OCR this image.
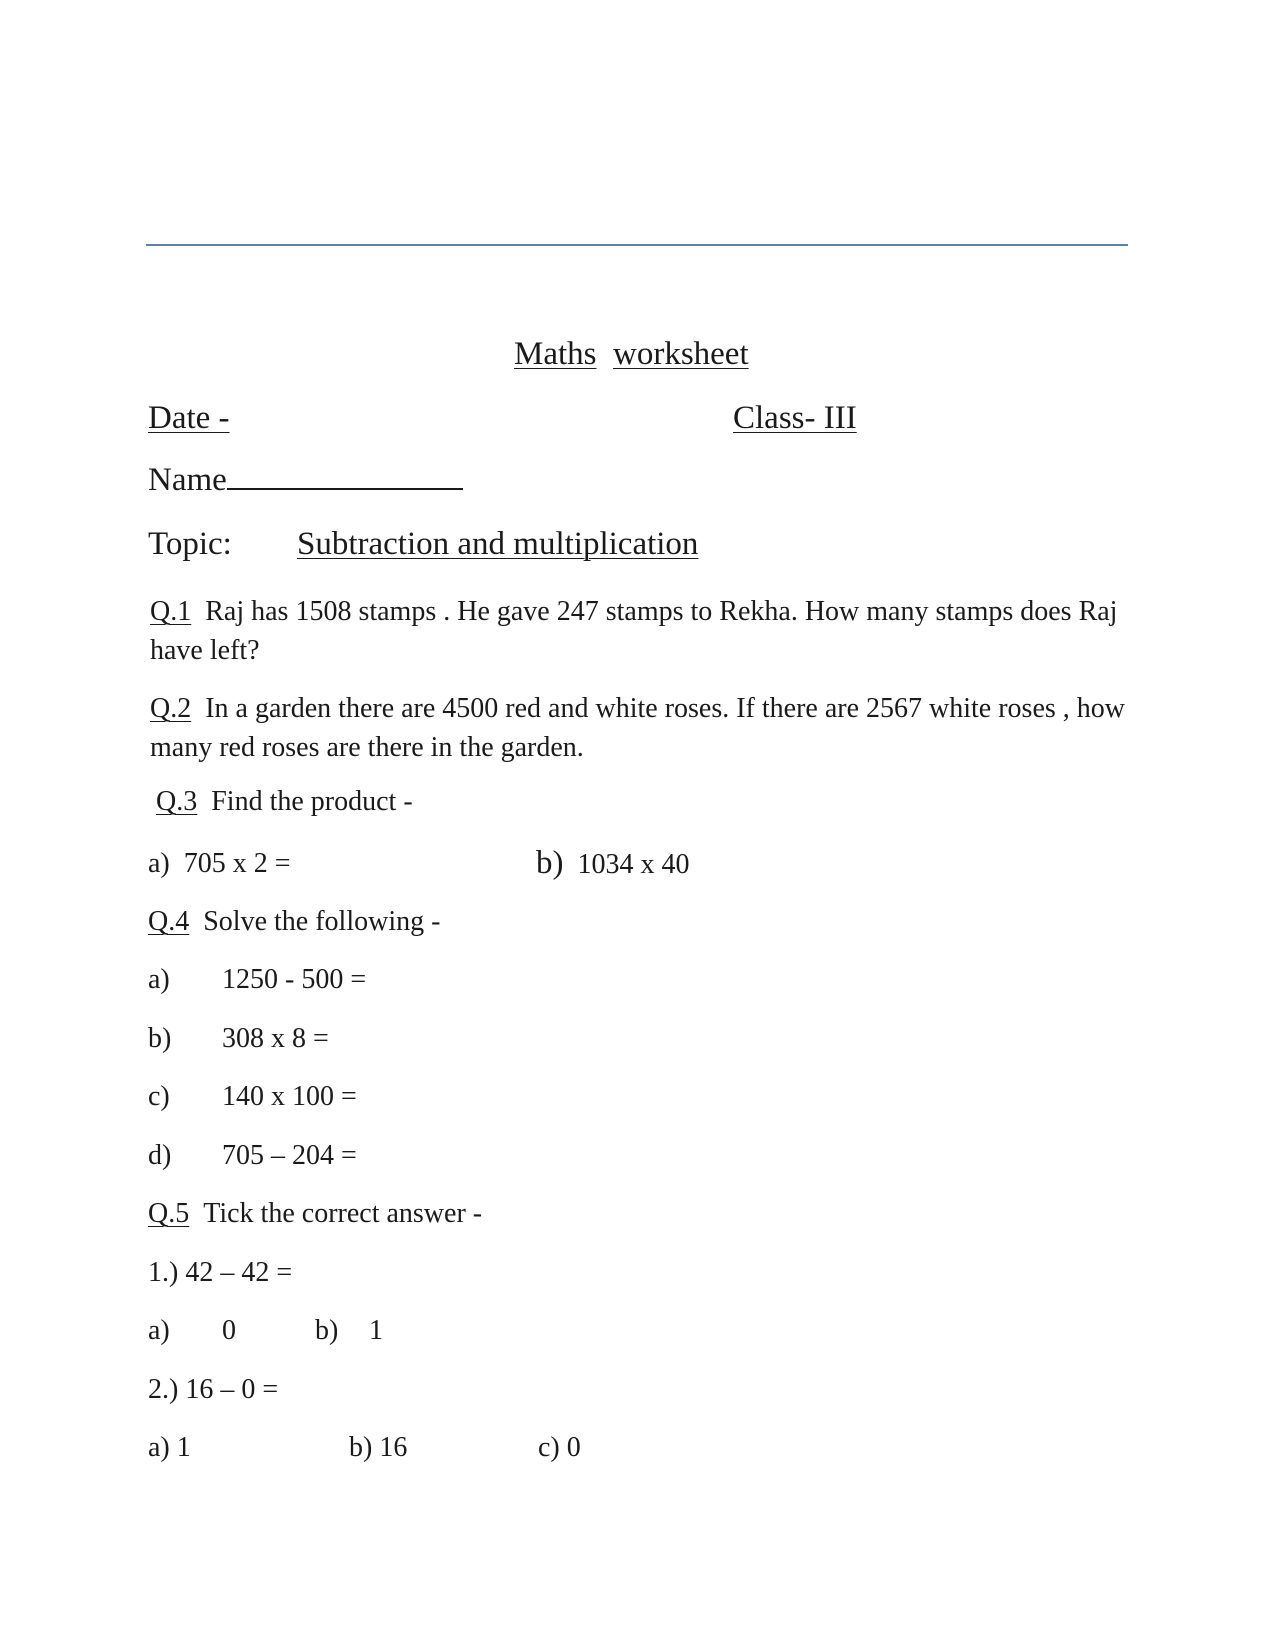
Maths worksheet
Date -	Class- III
Name
Topic: Subtraction and multiplication
Q.1 Raj has 1508 stamps . He gave 247 stamps to Rekha. How many stamps does Raj have left?
Q.2 In a garden there are 4500 red and white roses. If there are 2567 white roses , how many red roses are there in the garden.
Q.3 Find the product -
a) 705 x 2 =	b) 1034 x 40
Q.4 Solve the following -
a) 1250 - 500 =
b) 308 x 8 =
c) 140 x 100 =
d) 705 – 204 =
Q.5 Tick the correct answer -
1.) 42 – 42 =
a) 0	b) 1
2.) 16 – 0 =
a) 1	b) 16	c) 0
